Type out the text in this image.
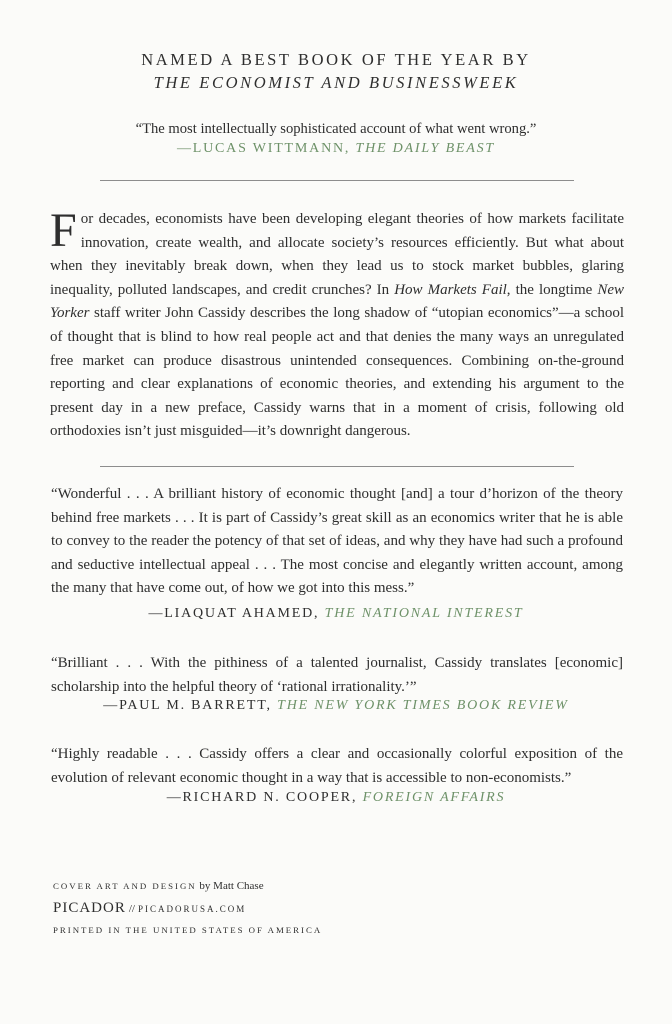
NAMED A BEST BOOK OF THE YEAR BY
THE ECONOMIST AND BUSINESSWEEK
“The most intellectually sophisticated account of what went wrong.”
—LUCAS WITTMANN, THE DAILY BEAST
For decades, economists have been developing elegant theories of how markets facilitate innovation, create wealth, and allocate society’s resources efficiently. But what about when they inevitably break down, when they lead us to stock market bubbles, glaring inequality, polluted landscapes, and credit crunches? In How Markets Fail, the longtime New Yorker staff writer John Cassidy describes the long shadow of “utopian economics”—a school of thought that is blind to how real people act and that denies the many ways an unregulated free market can produce disastrous unintended consequences. Combining on-the-ground reporting and clear explanations of economic theories, and extending his argument to the present day in a new preface, Cassidy warns that in a moment of crisis, following old orthodoxies isn’t just misguided—it’s downright dangerous.
“Wonderful . . . A brilliant history of economic thought [and] a tour d’horizon of the theory behind free markets . . . It is part of Cassidy’s great skill as an economics writer that he is able to convey to the reader the potency of that set of ideas, and why they have had such a profound and seductive intellectual appeal . . . The most concise and elegantly written account, among the many that have come out, of how we got into this mess.”
—LIAQUAT AHAMED, THE NATIONAL INTEREST
“Brilliant . . . With the pithiness of a talented journalist, Cassidy translates [economic] scholarship into the helpful theory of ‘rational irrationality.’”
—PAUL M. BARRETT, THE NEW YORK TIMES BOOK REVIEW
“Highly readable . . . Cassidy offers a clear and occasionally colorful exposition of the evolution of relevant economic thought in a way that is accessible to non-economists.”
—RICHARD N. COOPER, FOREIGN AFFAIRS
COVER ART AND DESIGN by Matt Chase
PICADOR // PICADORUSA.COM
PRINTED IN THE UNITED STATES OF AMERICA
